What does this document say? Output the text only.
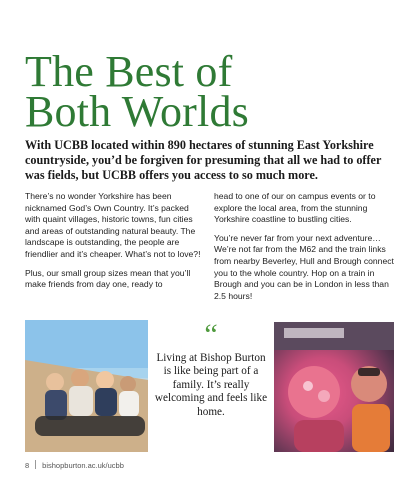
The Best of
Both Worlds

With UCBB located within 890 hectares of stunning East Yorkshire countryside, you’d be forgiven for presuming that all we had to offer was fields, but UCBB offers you access to so much more.

There’s no wonder Yorkshire has been nicknamed God’s Own Country. It’s packed with quaint villages, historic towns, fun cities and areas of outstanding natural beauty. The landscape is outstanding, the people are friendlier and it’s cheaper. What’s not to love?!

Plus, our small group sizes mean that you’ll make friends from day one, ready to

head to one of our on campus events or to explore the local area, from the stunning Yorkshire coastline to bustling cities.

You’re never far from your next adventure… We’re not far from the M62 and the train links from nearby Beverley, Hull and Brough connect you to the whole country. Hop on a train in Brough and you can be in London in less than 2.5 hours!

“

Living at Bishop Burton is like being part of a family. It’s really welcoming and feels like home.

8 bishopburton.ac.uk/ucbb
